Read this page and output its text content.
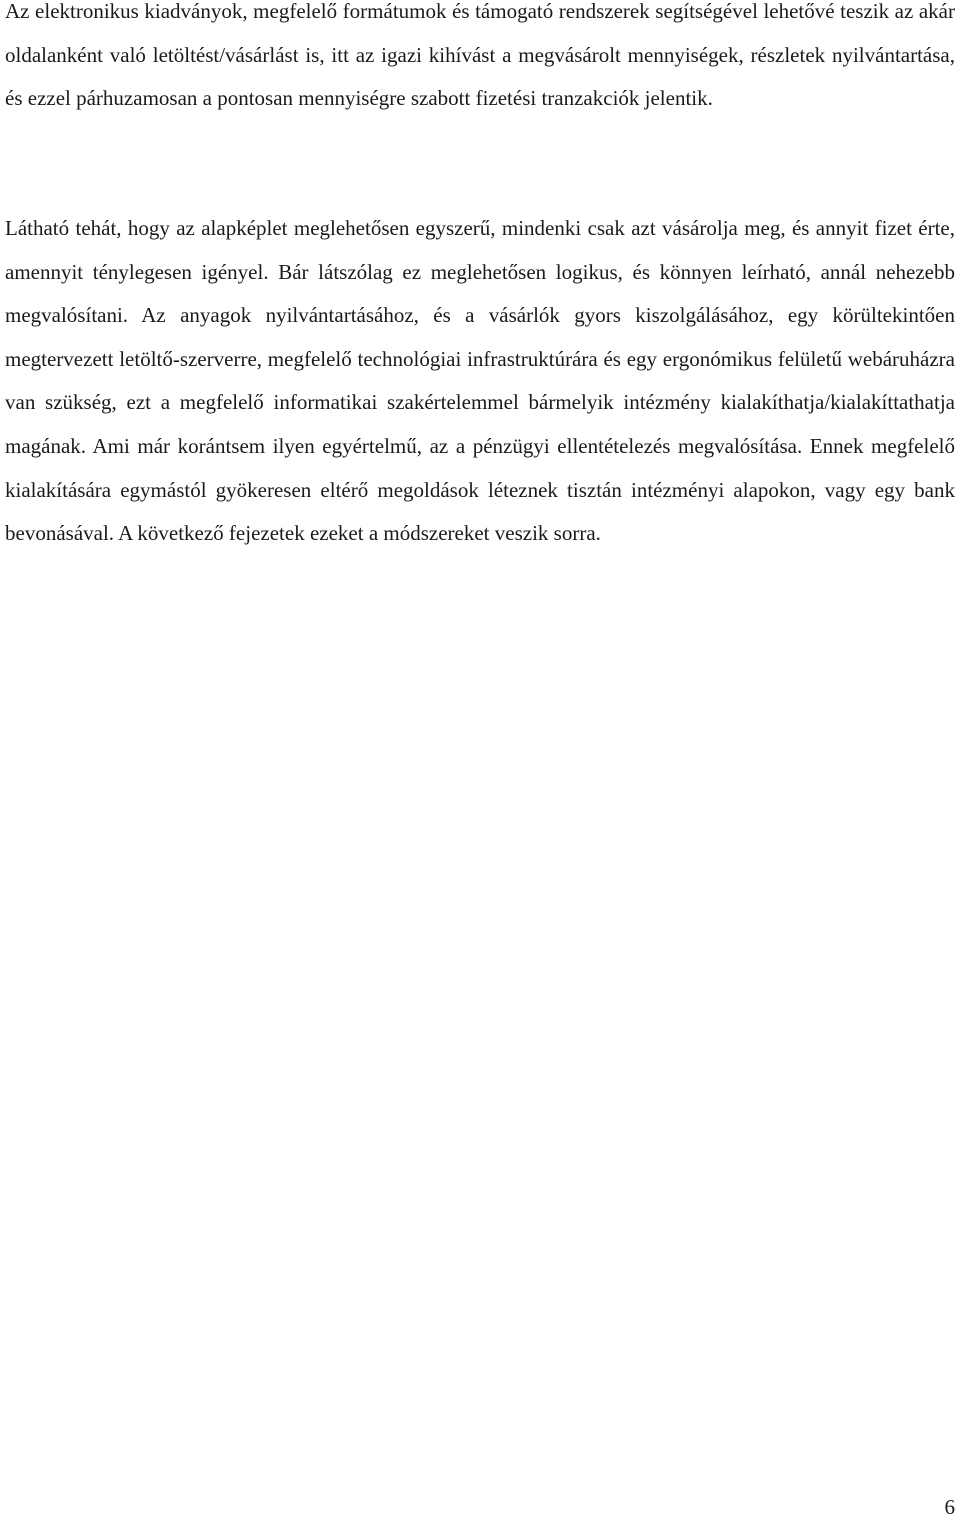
Az elektronikus kiadványok, megfelelő formátumok és támogató rendszerek segítségével lehetővé teszik az akár oldalanként való letöltést/vásárlást is, itt az igazi kihívást a megvásárolt mennyiségek, részletek nyilvántartása, és ezzel párhuzamosan a pontosan mennyiségre szabott fizetési tranzakciók jelentik.

Látható tehát, hogy az alapképlet meglehetősen egyszerű, mindenki csak azt vásárolja meg, és annyit fizet érte, amennyit ténylegesen igényel. Bár látszólag ez meglehetősen logikus, és könnyen leírható, annál nehezebb megvalósítani. Az anyagok nyilvántartásához, és a vásárlók gyors kiszolgálásához, egy körültekintően megtervezett letöltő-szerverre, megfelelő technológiai infrastruktúrára és egy ergonómikus felületű webáruházra van szükség, ezt a megfelelő informatikai szakértelemmel bármelyik intézmény kialakíthatja/kialakíttathatja magának. Ami már korántsem ilyen egyértelmű, az a pénzügyi ellentételezés megvalósítása. Ennek megfelelő kialakítására egymástól gyökeresen eltérő megoldások léteznek tisztán intézményi alapokon, vagy egy bank bevonásával. A következő fejezetek ezeket a módszereket veszik sorra.

6
